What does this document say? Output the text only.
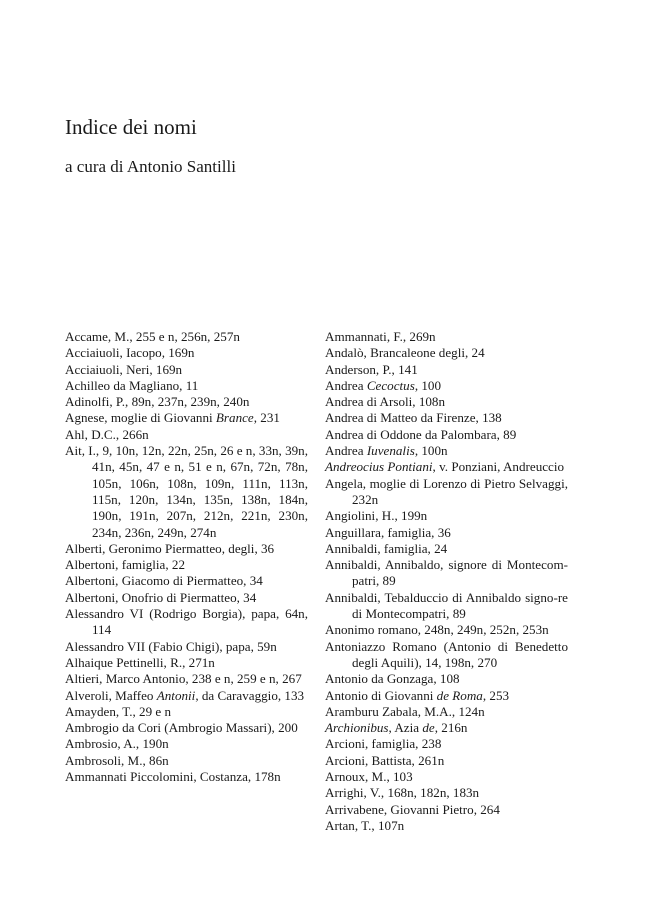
Indice dei nomi
a cura di Antonio Santilli

Accame, M., 255 e n, 256n, 257n

Acciaiuoli, Iacopo, 169n

Acciaiuoli, Neri, 169n

Achilleo da Magliano, 11

Adinolfi, P., 89n, 237n, 239n, 240n

Agnese, moglie di Giovanni Brance, 231

Ahl, D.C., 266n

Ait, I., 9, 10n, 12n, 22n, 25n, 26 e n, 33n, 39n, 41n, 45n, 47 e n, 51 e n, 67n, 72n, 78n, 105n, 106n, 108n, 109n, 111n, 113n, 115n, 120n, 134n, 135n, 138n, 184n, 190n, 191n, 207n, 212n, 221n, 230n, 234n, 236n, 249n, 274n

Alberti, Geronimo Piermatteo, degli, 36

Albertoni, famiglia, 22

Albertoni, Giacomo di Piermatteo, 34

Albertoni, Onofrio di Piermatteo, 34

Alessandro VI (Rodrigo Borgia), papa, 64n, 114

Alessandro VII (Fabio Chigi), papa, 59n

Alhaique Pettinelli, R., 271n

Altieri, Marco Antonio, 238 e n, 259 e n, 267

Alveroli, Maffeo Antonii, da Caravaggio, 133

Amayden, T., 29 e n

Ambrogio da Cori (Ambrogio Massari), 200

Ambrosio, A., 190n

Ambrosoli, M., 86n

Ammannati Piccolomini, Costanza, 178n

Ammannati, F., 269n

Andalò, Brancaleone degli, 24

Anderson, P., 141

Andrea Cecoctus, 100

Andrea di Arsoli, 108n

Andrea di Matteo da Firenze, 138

Andrea di Oddone da Palombara, 89

Andrea Iuvenalis, 100n

Andreocius Pontiani, v. Ponziani, Andreuccio

Angela, moglie di Lorenzo di Pietro Selvaggi, 232n

Angiolini, H., 199n

Anguillara, famiglia, 36

Annibaldi, famiglia, 24

Annibaldi, Annibaldo, signore di Montecom-patri, 89

Annibaldi, Tebalduccio di Annibaldo signo-re di Montecompatri, 89

Anonimo romano, 248n, 249n, 252n, 253n

Antoniazzo Romano (Antonio di Benedetto degli Aquili), 14, 198n, 270

Antonio da Gonzaga, 108

Antonio di Giovanni de Roma, 253

Aramburu Zabala, M.A., 124n

Archionibus, Azia de, 216n

Arcioni, famiglia, 238

Arcioni, Battista, 261n

Arnoux, M., 103

Arrighi, V., 168n, 182n, 183n

Arrivabene, Giovanni Pietro, 264

Artan, T., 107n
